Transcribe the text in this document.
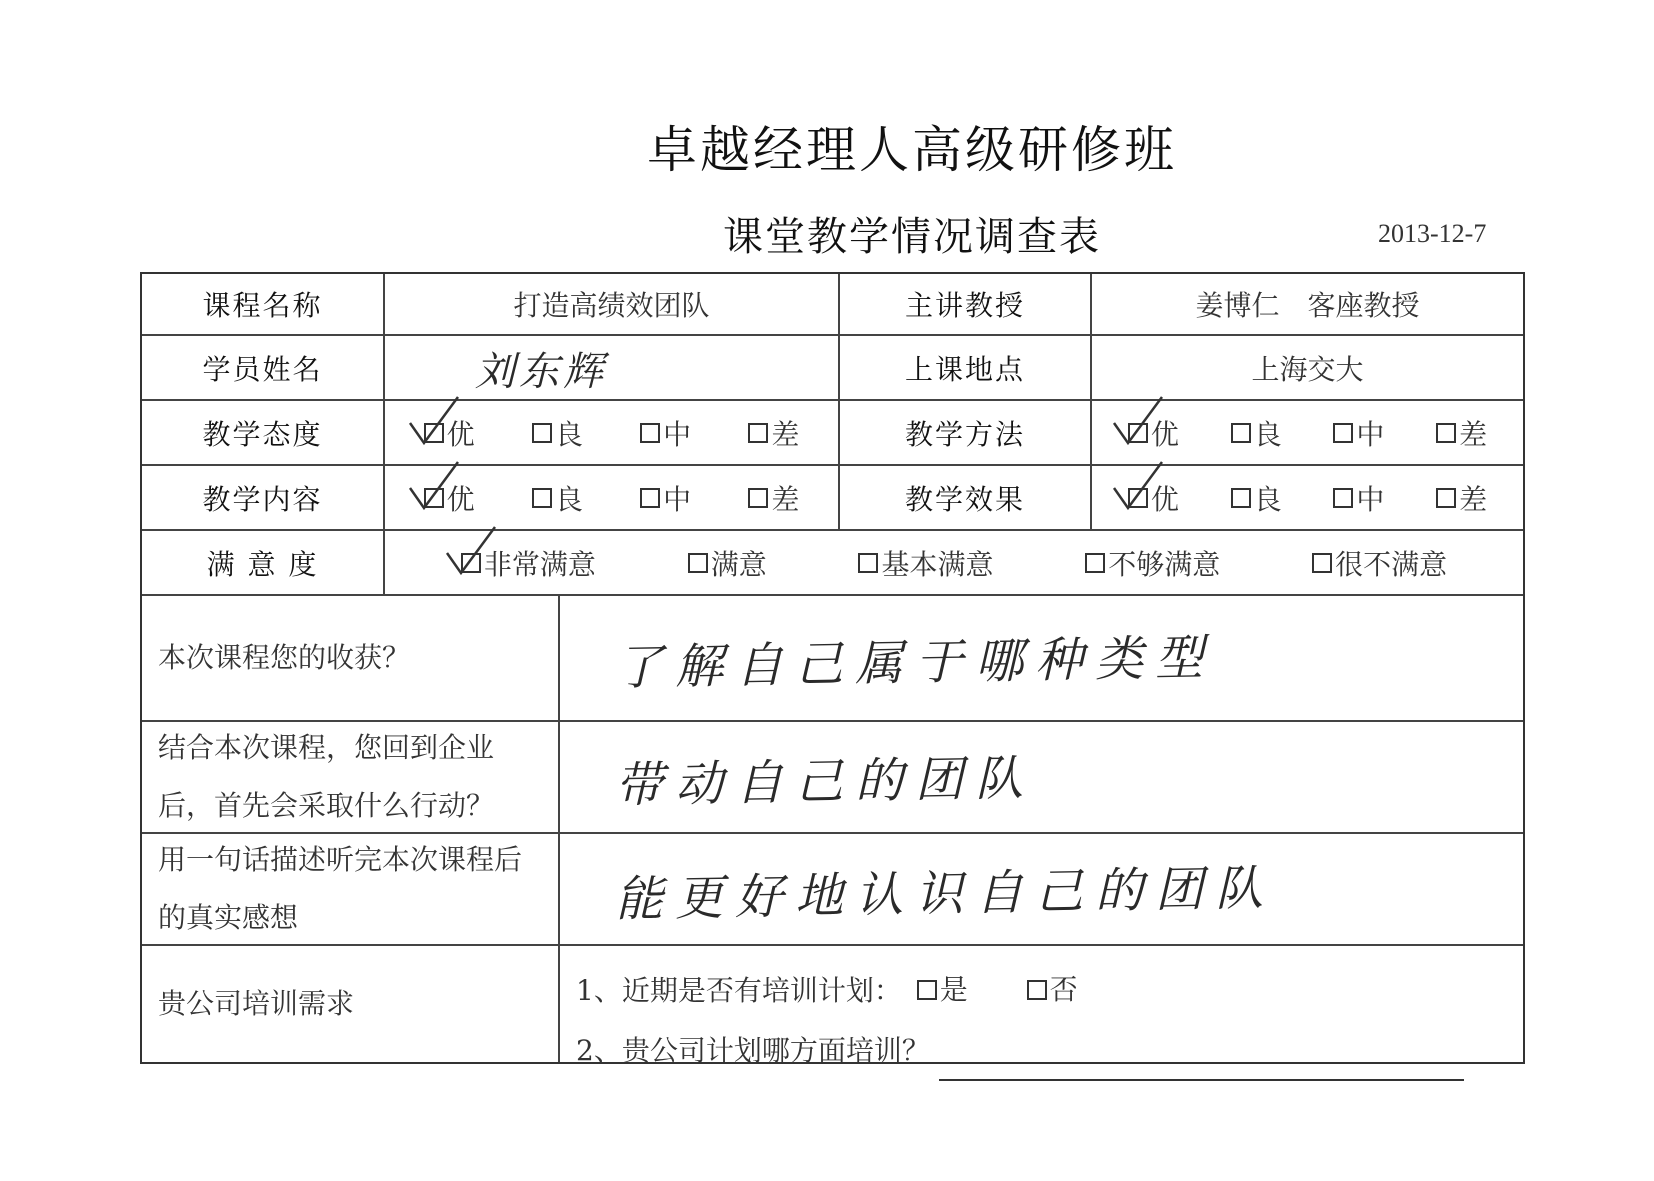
卓越经理人高级研修班
课堂教学情况调查表	2013-12-7
课程名称	打造高绩效团队	主讲教授	姜博仁　客座教授
学员姓名	刘东辉	上课地点	上海交大
教学态度	优	良	中	差	教学方法	优	良	中	差
教学内容	优	良	中	差	教学效果	优	良	中	差
满 意 度	非常满意	满意	基本满意	不够满意	很不满意
本次课程您的收获？	了解自己属于哪种类型
结合本次课程，您回到企业后，首先会采取什么行动？	带动自己的团队
用一句话描述听完本次课程后的真实感想	能更好地认识自己的团队
贵公司培训需求	1、近期是否有培训计划： 是
	否
2、贵公司计划哪方面培训？
